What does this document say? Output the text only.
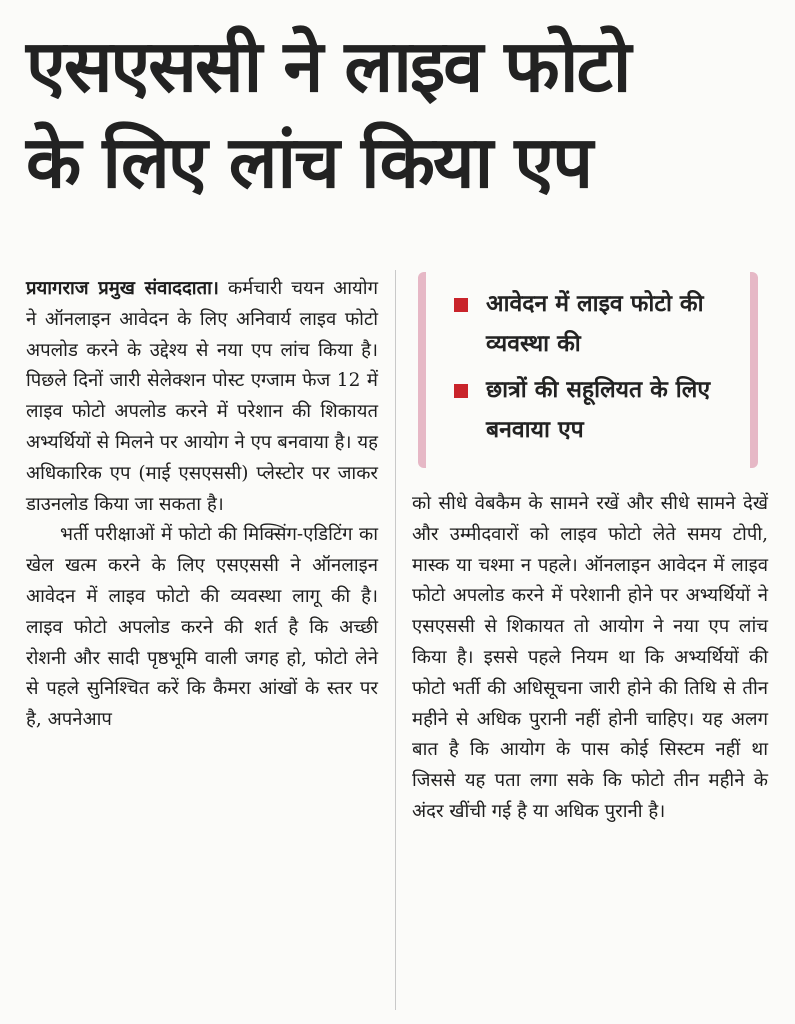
एसएससी ने लाइव फोटो
के लिए लांच किया एप

प्रयागराज प्रमुख संवाददाता। कर्मचारी चयन आयोग ने ऑनलाइन आवेदन के लिए अनिवार्य लाइव फोटो अपलोड करने के उद्देश्य से नया एप लांच किया है। पिछले दिनों जारी सेलेक्शन पोस्ट एग्जाम फेज 12 में लाइव फोटो अपलोड करने में परेशान की शिकायत अभ्यर्थियों से मिलने पर आयोग ने एप बनवाया है। यह अधिकारिक एप (माई एसएससी) प्लेस्टोर पर जाकर डाउनलोड किया जा सकता है।

भर्ती परीक्षाओं में फोटो की मिक्सिंग-एडिटिंग का खेल खत्म करने के लिए एसएससी ने ऑनलाइन आवेदन में लाइव फोटो की व्यवस्था लागू की है। लाइव फोटो अपलोड करने की शर्त है कि अच्छी रोशनी और सादी पृष्ठभूमि वाली जगह हो, फोटो लेने से पहले सुनिश्चित करें कि कैमरा आंखों के स्तर पर है, अपनेआप

आवेदन में लाइव फोटो की व्यवस्था की
छात्रों की सहूलियत के लिए बनवाया एप

को सीधे वेबकैम के सामने रखें और सीधे सामने देखें और उम्मीदवारों को लाइव फोटो लेते समय टोपी, मास्क या चश्मा न पहले। ऑनलाइन आवेदन में लाइव फोटो अपलोड करने में परेशानी होने पर अभ्यर्थियों ने एसएससी से शिकायत तो आयोग ने नया एप लांच किया है। इससे पहले नियम था कि अभ्यर्थियों की फोटो भर्ती की अधिसूचना जारी होने की तिथि से तीन महीने से अधिक पुरानी नहीं होनी चाहिए। यह अलग बात है कि आयोग के पास कोई सिस्टम नहीं था जिससे यह पता लगा सके कि फोटो तीन महीने के अंदर खींची गई है या अधिक पुरानी है।
